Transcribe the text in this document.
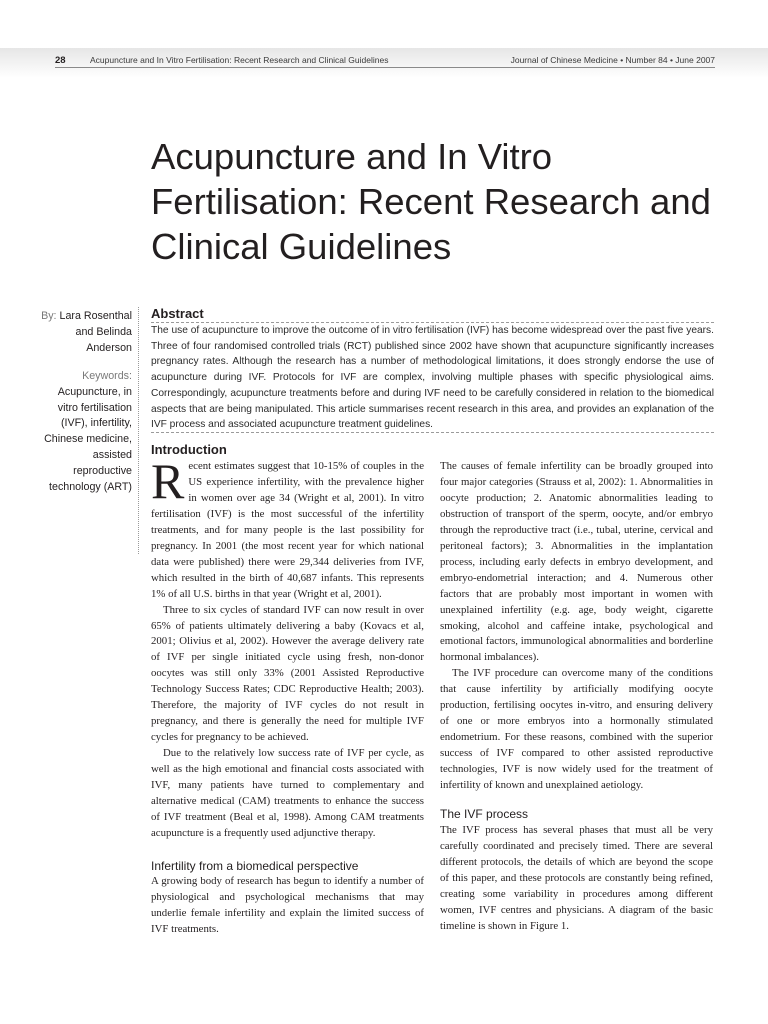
28	Acupuncture and In Vitro Fertilisation: Recent Research and Clinical Guidelines	Journal of Chinese Medicine • Number 84 • June 2007
Acupuncture and In Vitro Fertilisation: Recent Research and Clinical Guidelines

By: Lara Rosenthal and Belinda Anderson

Keywords: Acupuncture, in vitro fertilisation (IVF), infertility, Chinese medicine, assisted reproductive technology (ART)

Abstract

The use of acupuncture to improve the outcome of in vitro fertilisation (IVF) has become widespread over the past five years. Three of four randomised controlled trials (RCT) published since 2002 have shown that acupuncture significantly increases pregnancy rates. Although the research has a number of methodological limitations, it does strongly endorse the use of acupuncture during IVF. Protocols for IVF are complex, involving multiple phases with specific physiological aims. Correspondingly, acupuncture treatments before and during IVF need to be carefully considered in relation to the biomedical aspects that are being manipulated. This article summarises recent research in this area, and provides an explanation of the IVF process and associated acupuncture treatment guidelines.

Introduction

Recent estimates suggest that 10-15% of couples in the US experience infertility, with the prevalence higher in women over age 34 (Wright et al, 2001). In vitro fertilisation (IVF) is the most successful of the infertility treatments, and for many people is the last possibility for pregnancy. In 2001 (the most recent year for which national data were published) there were 29,344 deliveries from IVF, which resulted in the birth of 40,687 infants. This represents 1% of all U.S. births in that year (Wright et al, 2001).

Three to six cycles of standard IVF can now result in over 65% of patients ultimately delivering a baby (Kovacs et al, 2001; Olivius et al, 2002). However the average delivery rate of IVF per single initiated cycle using fresh, non-donor oocytes was still only 33% (2001 Assisted Reproductive Technology Success Rates; CDC Reproductive Health; 2003). Therefore, the majority of IVF cycles do not result in pregnancy, and there is generally the need for multiple IVF cycles for pregnancy to be achieved.

Due to the relatively low success rate of IVF per cycle, as well as the high emotional and financial costs associated with IVF, many patients have turned to complementary and alternative medical (CAM) treatments to enhance the success of IVF treatment (Beal et al, 1998). Among CAM treatments acupuncture is a frequently used adjunctive therapy.

Infertility from a biomedical perspective

A growing body of research has begun to identify a number of physiological and psychological mechanisms that may underlie female infertility and explain the limited success of IVF treatments.

The causes of female infertility can be broadly grouped into four major categories (Strauss et al, 2002): 1. Abnormalities in oocyte production; 2. Anatomic abnormalities leading to obstruction of transport of the sperm, oocyte, and/or embryo through the reproductive tract (i.e., tubal, uterine, cervical and peritoneal factors); 3. Abnormalities in the implantation process, including early defects in embryo development, and embryo-endometrial interaction; and 4. Numerous other factors that are probably most important in women with unexplained infertility (e.g. age, body weight, cigarette smoking, alcohol and caffeine intake, psychological and emotional factors, immunological abnormalities and borderline hormonal imbalances).

The IVF procedure can overcome many of the conditions that cause infertility by artificially modifying oocyte production, fertilising oocytes in-vitro, and ensuring delivery of one or more embryos into a hormonally stimulated endometrium. For these reasons, combined with the superior success of IVF compared to other assisted reproductive technologies, IVF is now widely used for the treatment of infertility of known and unexplained aetiology.

The IVF process

The IVF process has several phases that must all be very carefully coordinated and precisely timed. There are several different protocols, the details of which are beyond the scope of this paper, and these protocols are constantly being refined, creating some variability in procedures among different women, IVF centres and physicians. A diagram of the basic timeline is shown in Figure 1.
